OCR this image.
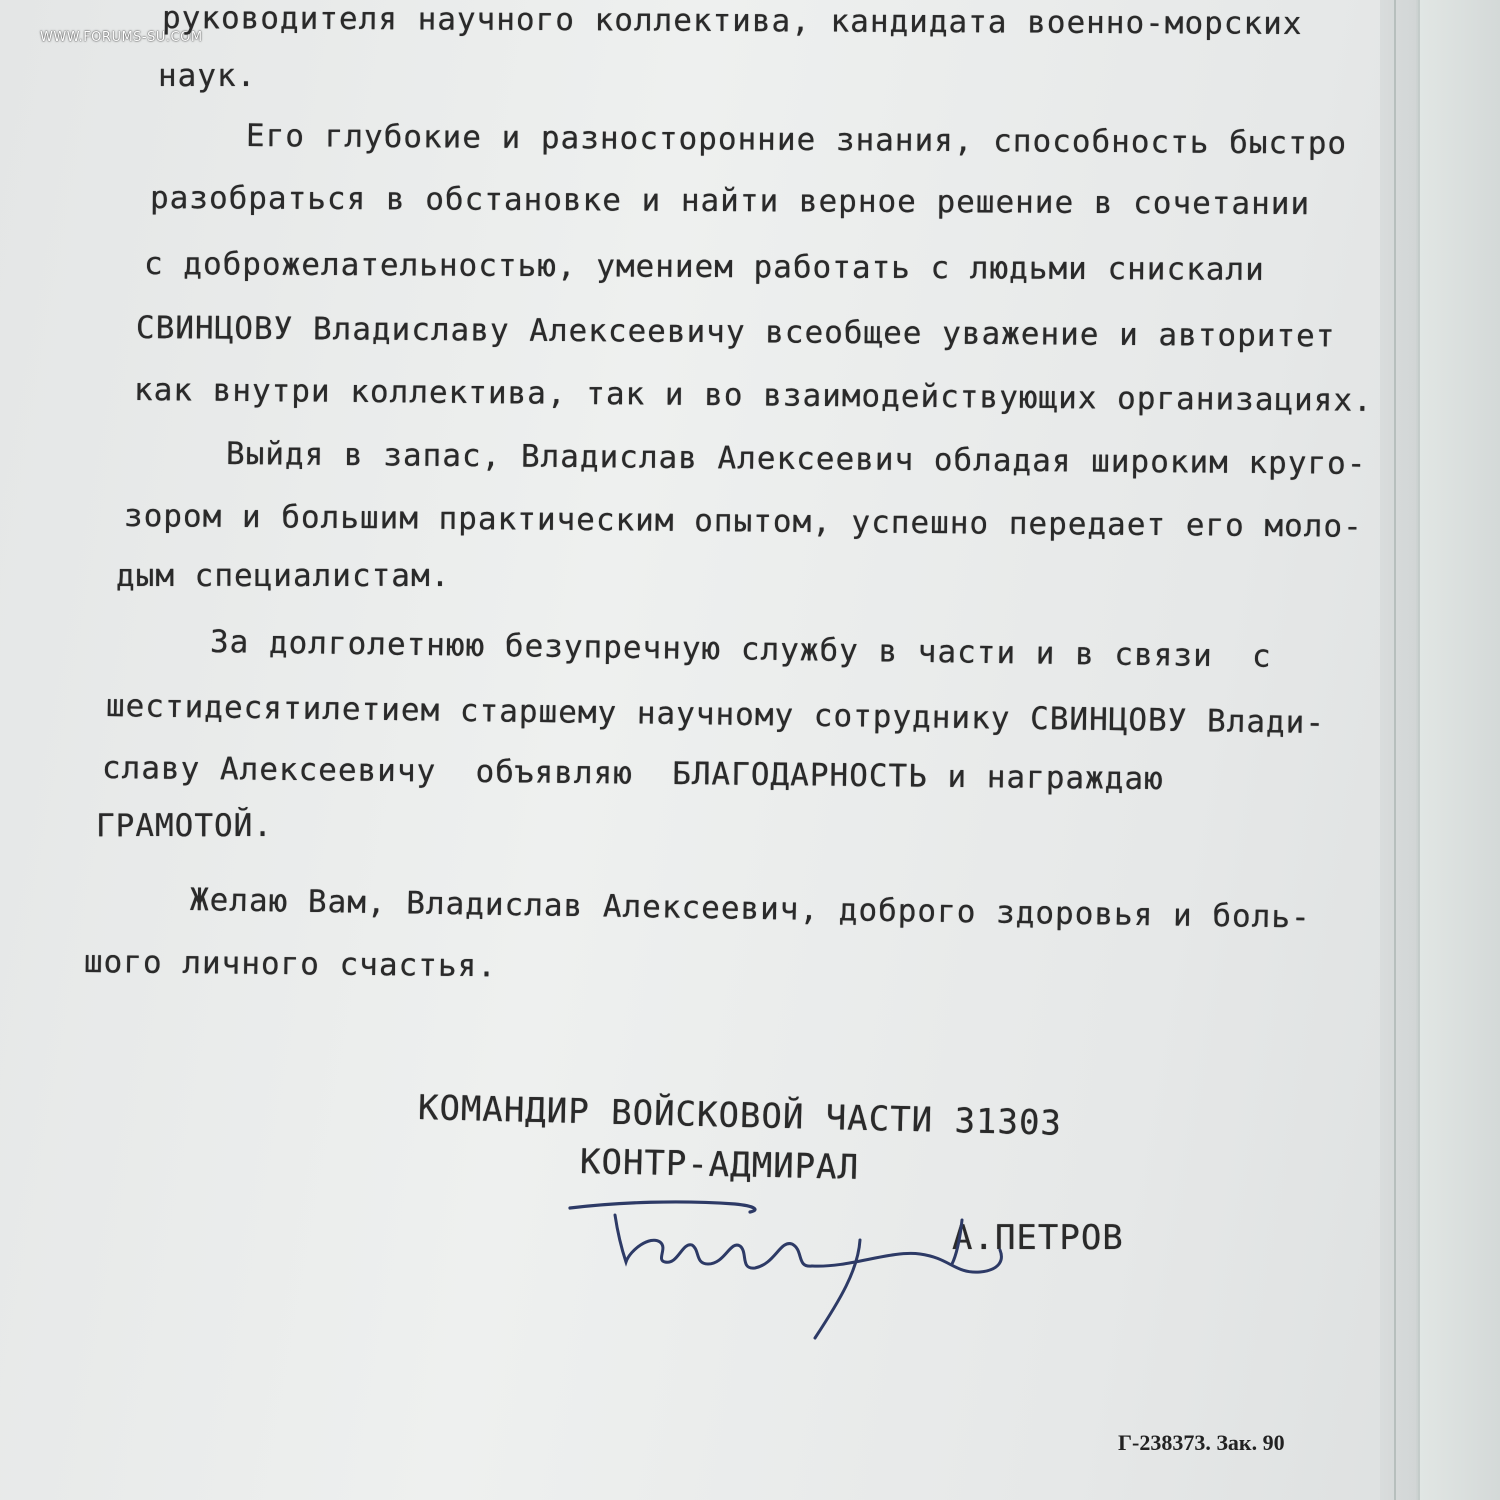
WWW.FORUMS-SU.COM
руководителя научного коллектива, кандидата военно-морских
наук.
Его глубокие и разносторонние знания, способность быстро
разобраться в обстановке и найти верное решение в сочетании
с доброжелательностью, умением работать с людьми снискали
СВИНЦОВУ Владиславу Алексеевичу всеобщее уважение и авторитет
как внутри коллектива, так и во взаимодействующих организациях.
Выйдя в запас, Владислав Алексеевич обладая широким круго-
зором и большим практическим опытом, успешно передает его моло-
дым специалистам.
За долголетнюю безупречную службу в части и в связи  с
шестидесятилетием старшему научному сотруднику СВИНЦОВУ Влади-
славу Алексеевичу  объявляю  БЛАГОДАРНОСТЬ и награждаю
ГРАМОТОЙ.
Желаю Вам, Владислав Алексеевич, доброго здоровья и боль-
шого личного счастья.
КОМАНДИР ВОЙСКОВОЙ ЧАСТИ 31303
КОНТР-АДМИРАЛ
А.ПЕТРОВ
Г-238373. Зак. 90
